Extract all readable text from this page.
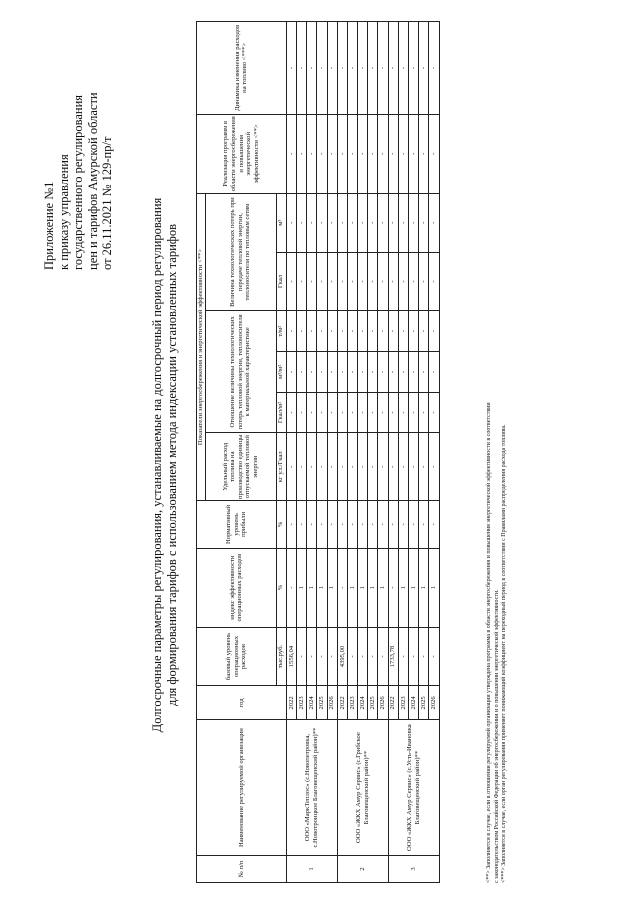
Приложение №1 к приказу управления государственного регулирования цен и тарифов Амурской области от 26.11.2021 № 129-пр/т	Долгосрочные параметры регулирования, устанавливаемые на долгосрочный период регулирования для формирования тарифов с использованием метода индексации установленных тарифов
№ п/п	Наименование регулируемой организации	год	базовый уровень операционных расходов	индекс эффективности операционных расходов	Нормативный уровень прибыли	Показатели энергосбережения и энергетической эффективности <**>						Реализация программ в области энергосбережения и повышения энергетической эффективности <**>	Динамика изменения расходов на топливо <***>
						Удельный расход топлива на производство единицы отпускаемой тепловой энергии	Отношение величины технологических потерь тепловой энергии, теплоносителя к материальной характеристике			Величина технологических потерь при передаче тепловой энергии, теплоносителя по тепловым сетям			
			тыс.руб.	%	%	кг у.т./Гкал	Гкал/м²	м³/м²	т/м²	Гкал	м³		
1	ООО «МаркТеплос» (с.Новопетровка, с.Новотроицкое Благовещенский район)**	2022	1556,04	-	-	-	-	-	-	-	-	-	-
		2023	-	1	-	-	-	-	-	-	-	-	-
		2024	-	1	-	-	-	-	-	-	-	-	-
		2025	-	1	-	-	-	-	-	-	-	-	-
		2026	-	1	-	-	-	-	-	-	-	-	-
2	ООО «ЖКХ Амур Сервис» (с.Грибское Благовещенский район)**	2022	4395,00	-	-	-	-	-	-	-	-	-	-
		2023	-	1	-	-	-	-	-	-	-	-	-
		2024	-	1	-	-	-	-	-	-	-	-	-
		2025	-	1	-	-	-	-	-	-	-	-	-
		2026	-	1	-	-	-	-	-	-	-	-	-
3	ООО «ЖКХ Амур Сервис» (с.Усть-Ивановка Благовещенский район)**	2022	1733,78	-	-	-	-	-	-	-	-	-	-
		2023	-	1	-	-	-	-	-	-	-	-	-
		2024	-	1	-	-	-	-	-	-	-	-	-
		2025	-	1	-	-	-	-	-	-	-	-	-
		2026	-	1	-	-	-	-	-	-	-	-	-
<**> Заполняется в случае, если в отношении регулируемой организации утверждена программа в области энергосбережения и повышения энергетической эффективности в соответствии с законодательством Российской Федерации об энергосбережении и о повышении энергетической эффективности. <***> Заполняется в случае, если орган регулирования применяет понижающий коэффициент на переходный период в соответствии с Правилами распределения расхода топлива.
